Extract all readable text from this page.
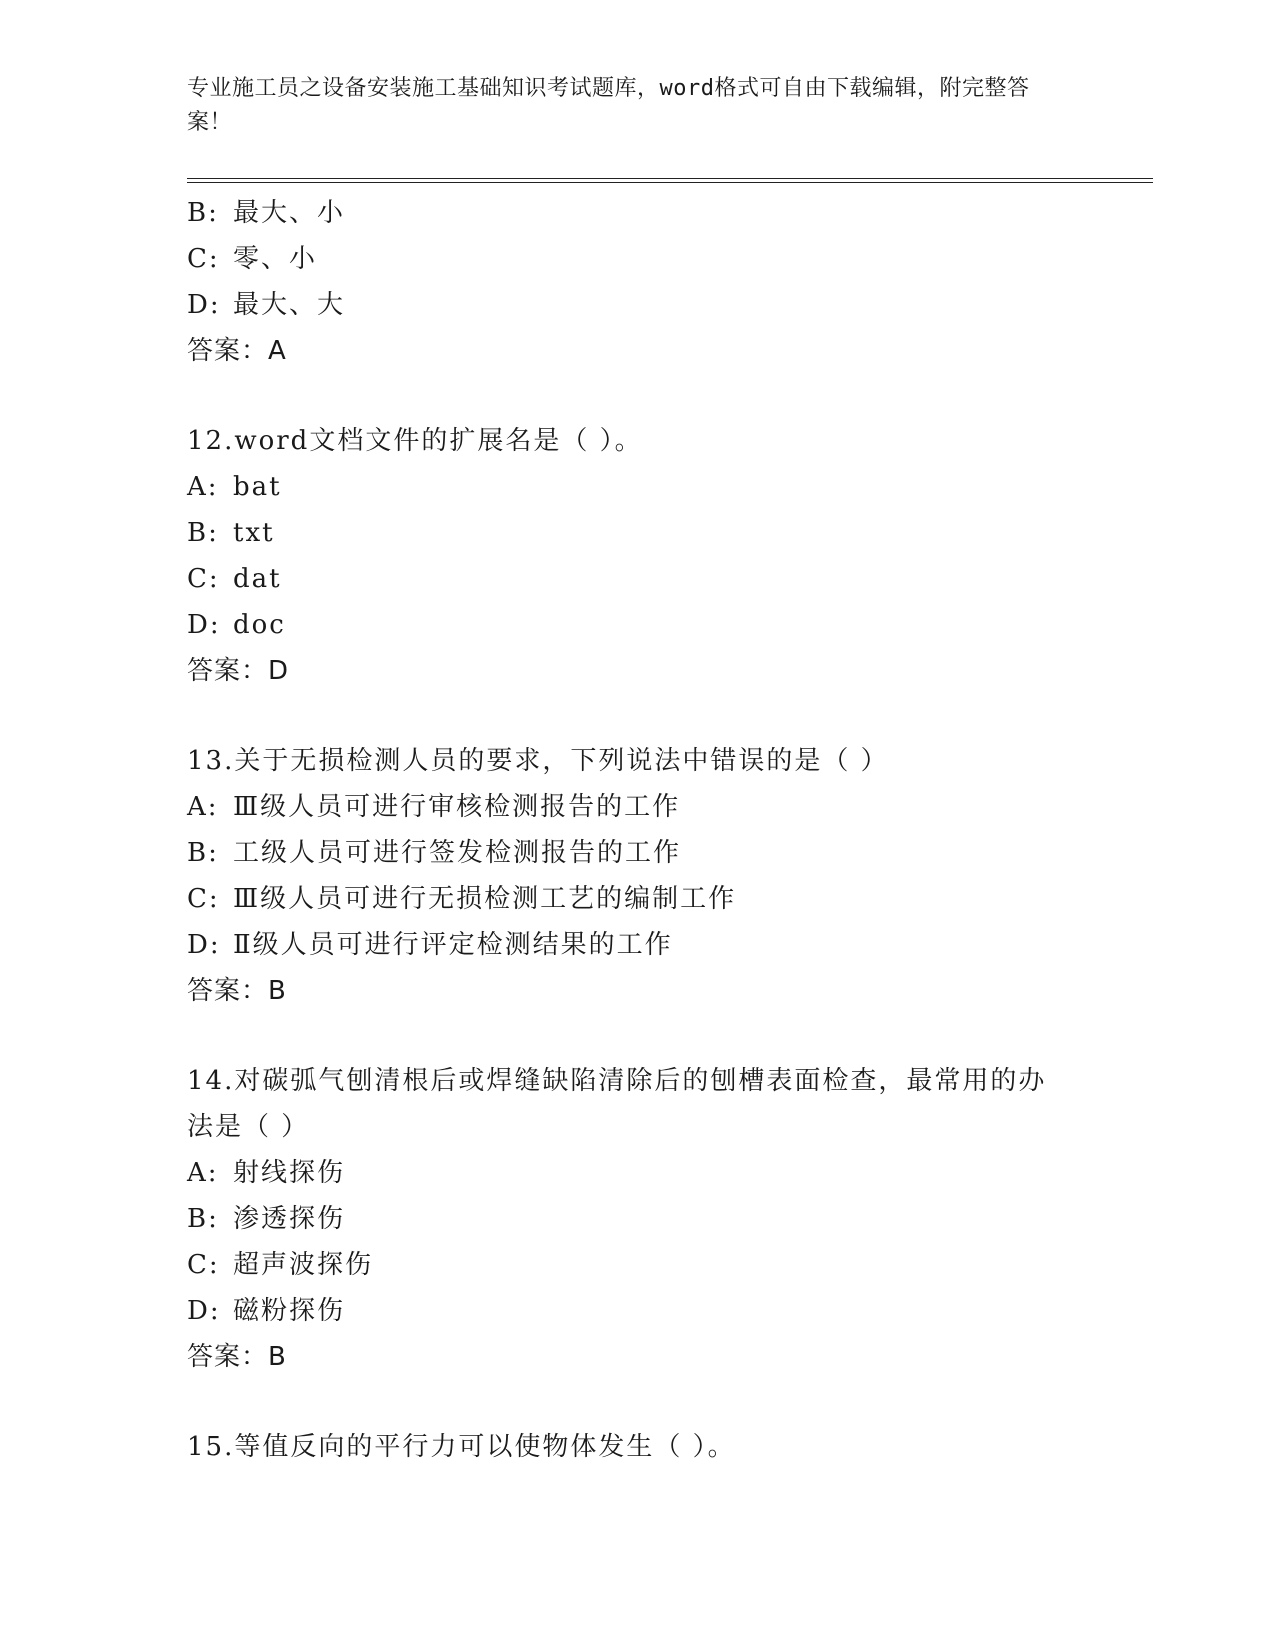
专业施工员之设备安装施工基础知识考试题库，word格式可自由下载编辑，附完整答案！
B: 最大、小
C: 零、小
D: 最大、大
答案：A
12.word文档文件的扩展名是（ ）。
A: bat
B: txt
C: dat
D: doc
答案：D
13.关于无损检测人员的要求，下列说法中错误的是（ ）
A: Ⅲ级人员可进行审核检测报告的工作
B: 工级人员可进行签发检测报告的工作
C: Ⅲ级人员可进行无损检测工艺的编制工作
D: Ⅱ级人员可进行评定检测结果的工作
答案：B
14.对碳弧气刨清根后或焊缝缺陷清除后的刨槽表面检查，最常用的办法是（ ）
A: 射线探伤
B: 渗透探伤
C: 超声波探伤
D: 磁粉探伤
答案：B
15.等值反向的平行力可以使物体发生（ ）。
